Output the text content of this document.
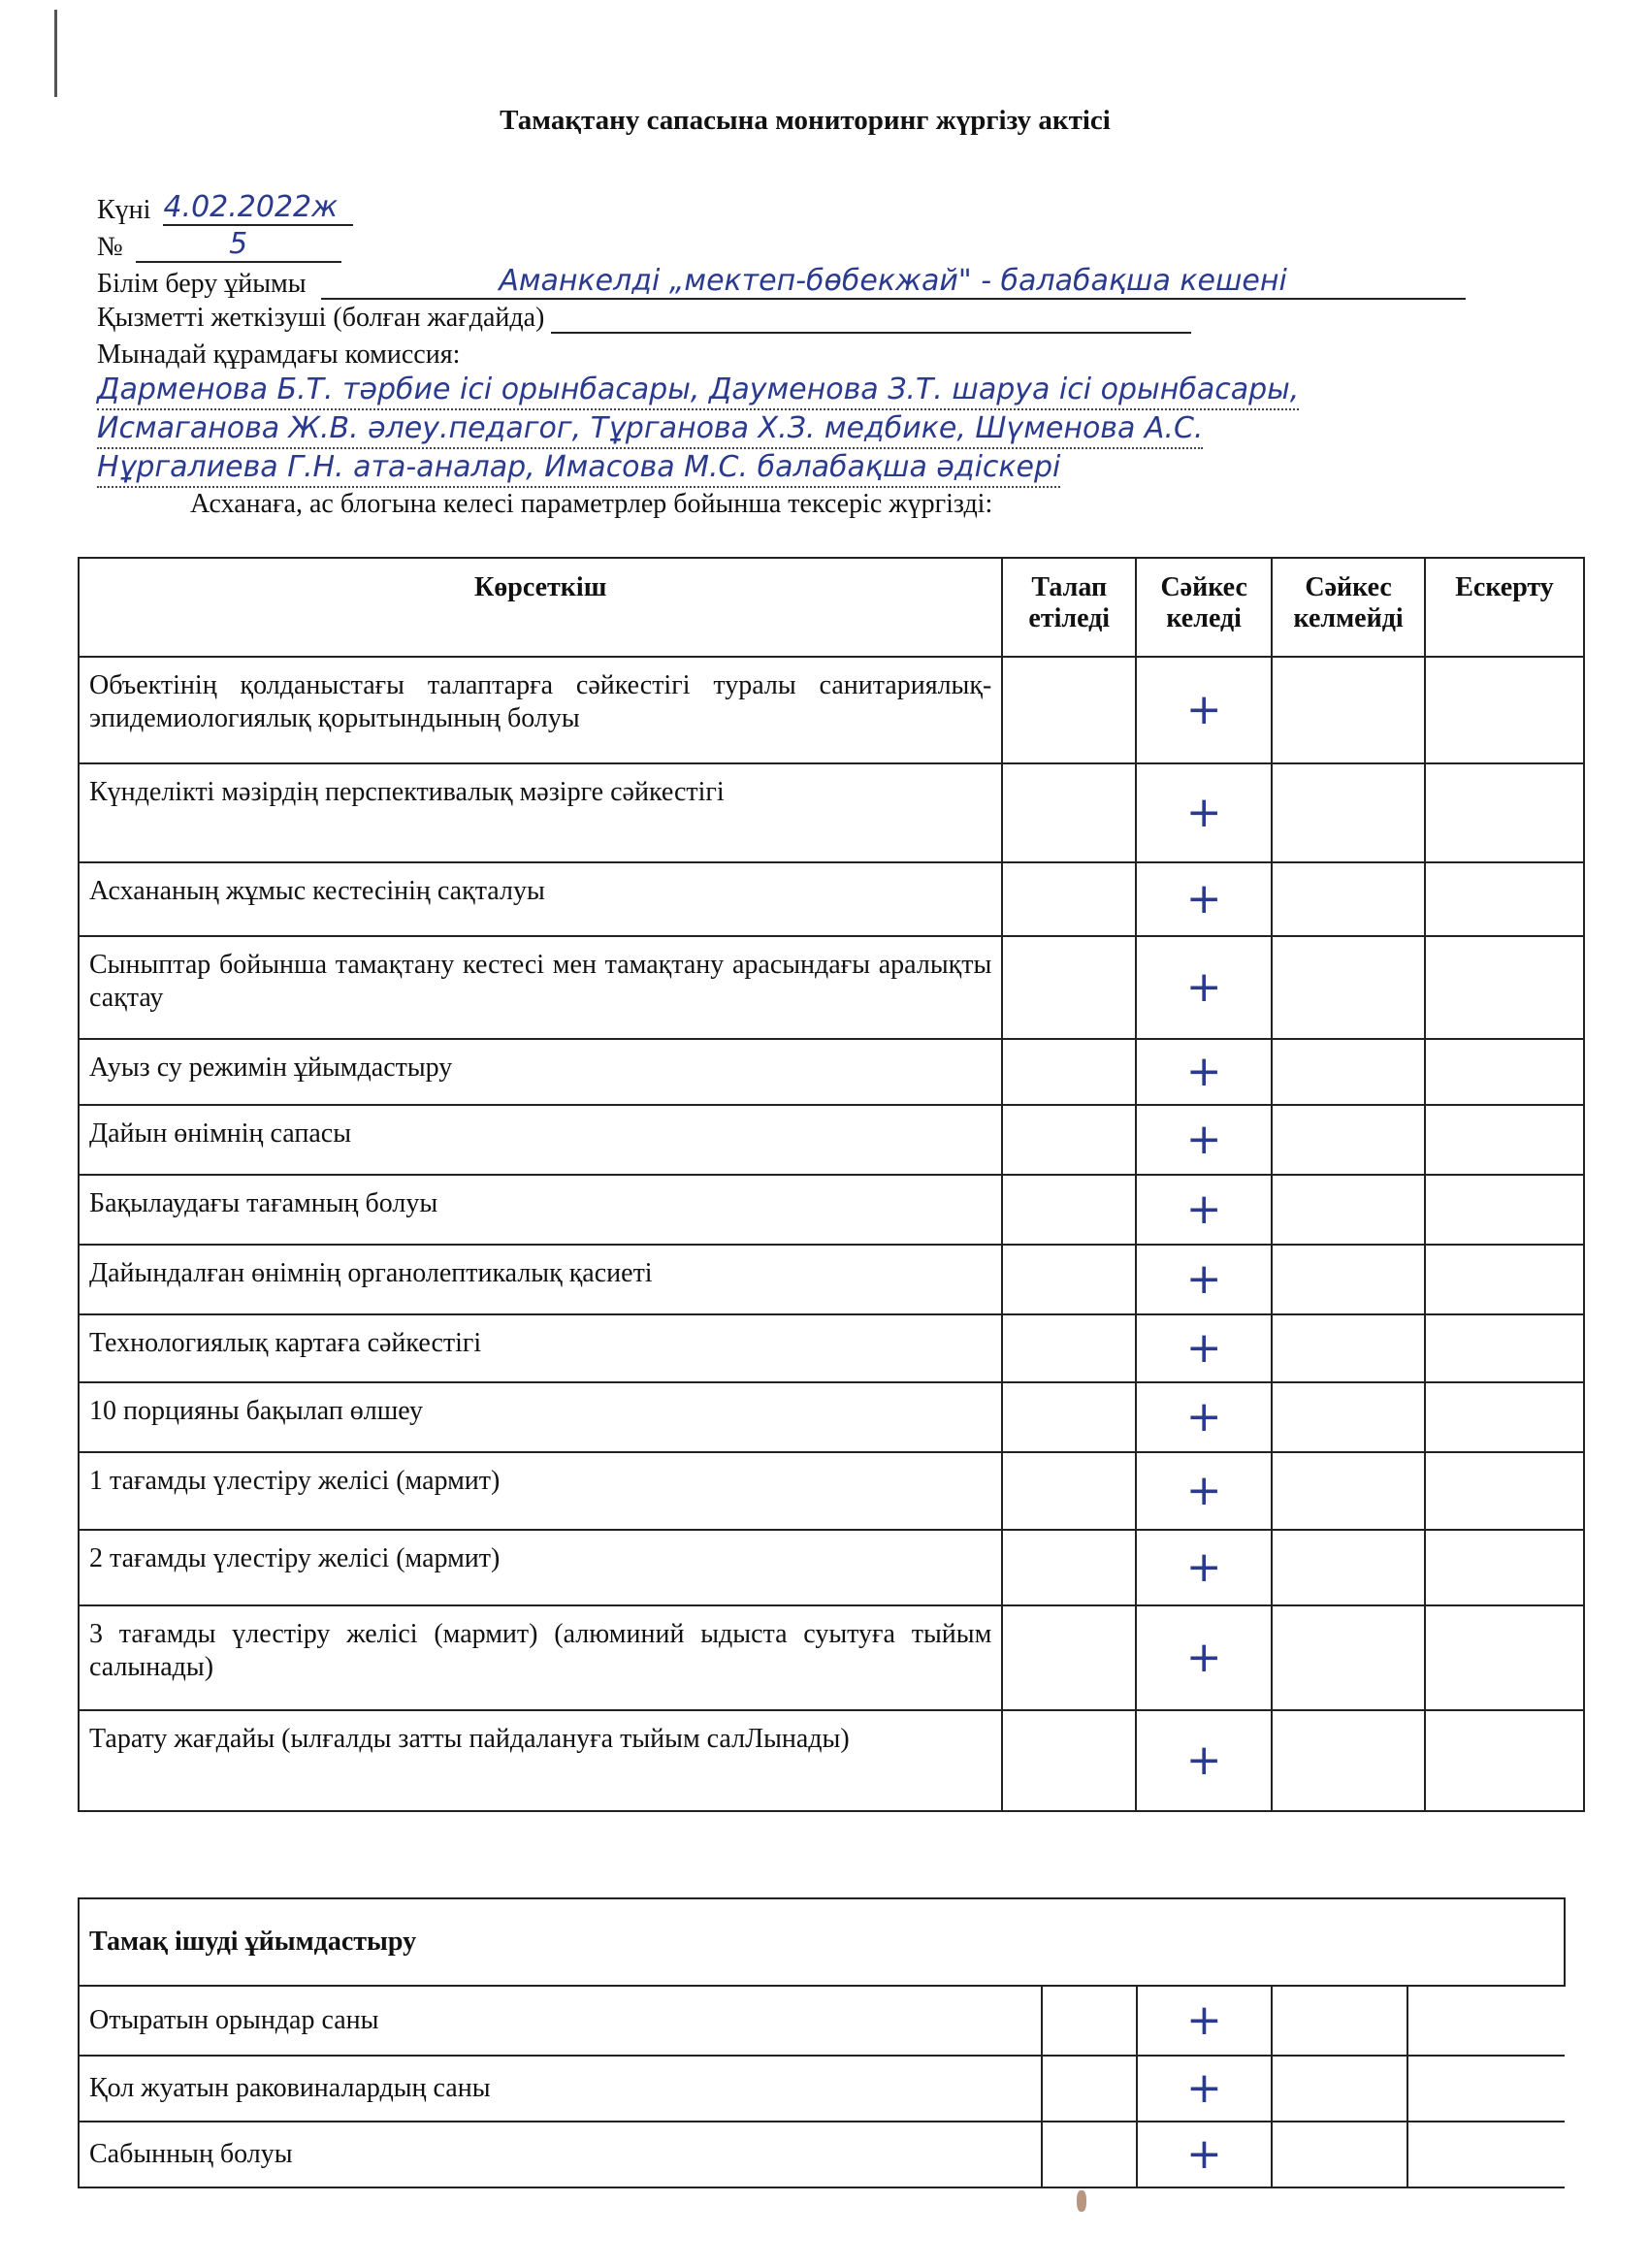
Тамақтану сапасына мониторинг жүргізу актісі
Күні 4.02.2022ж
№	5
Білім беру ұйымы	Аманкелді „мектеп-бөбекжай" - балабақша кешені
Қызметті жеткізуші (болған жағдайда)
Мынадай құрамдағы комиссия:
Дарменова Б.Т. тәрбие ісі орынбасары, Дауменова З.Т. шаруа ісі орынбасары,
Исмаганова Ж.В. әлеу.педагог, Тұрганова Х.З. медбике, Шүменова А.С.
Нұргалиева Г.Н. ата-аналар, Имасова М.С. балабақша әдіскері
Асханаға, ас блогына келесі параметрлер бойынша тексеріс жүргізді:
Көрсеткіш	Талап етіледі	Сәйкес келеді	Сәйкес келмейді	Ескерту
Объектінің қолданыстағы талаптарға сәйкестігі туралы санитариялық-эпидемиологиялық қорытындының болуы		+		
Күнделікті мәзірдің перспективалық мәзірге сәйкестігі		+		
Асхананың жұмыс кестесінің сақталуы		+		
Сыныптар бойынша тамақтану кестесі мен тамақтану арасындағы аралықты сақтау		+		
Ауыз су режимін ұйымдастыру		+		
Дайын өнімнің сапасы		+		
Бақылаудағы тағамның болуы		+		
Дайындалған өнімнің органолептикалық қасиеті		+		
Технологиялық картаға сәйкестігі		+		
10 порцияны бақылап өлшеу		+		
1 тағамды үлестіру желісі (мармит)		+		
2 тағамды үлестіру желісі (мармит)		+		
3 тағамды үлестіру желісі (мармит) (алюминий ыдыста суытуға тыйым салынады)		+		
Тарату жағдайы (ылғалды затты пайдалануға тыйым салЛынады)		+		
Тамақ ішуді ұйымдастыру				
Отыратын орындар саны		+		
Қол жуатын раковиналардың саны		+		
Сабынның болуы		+		
